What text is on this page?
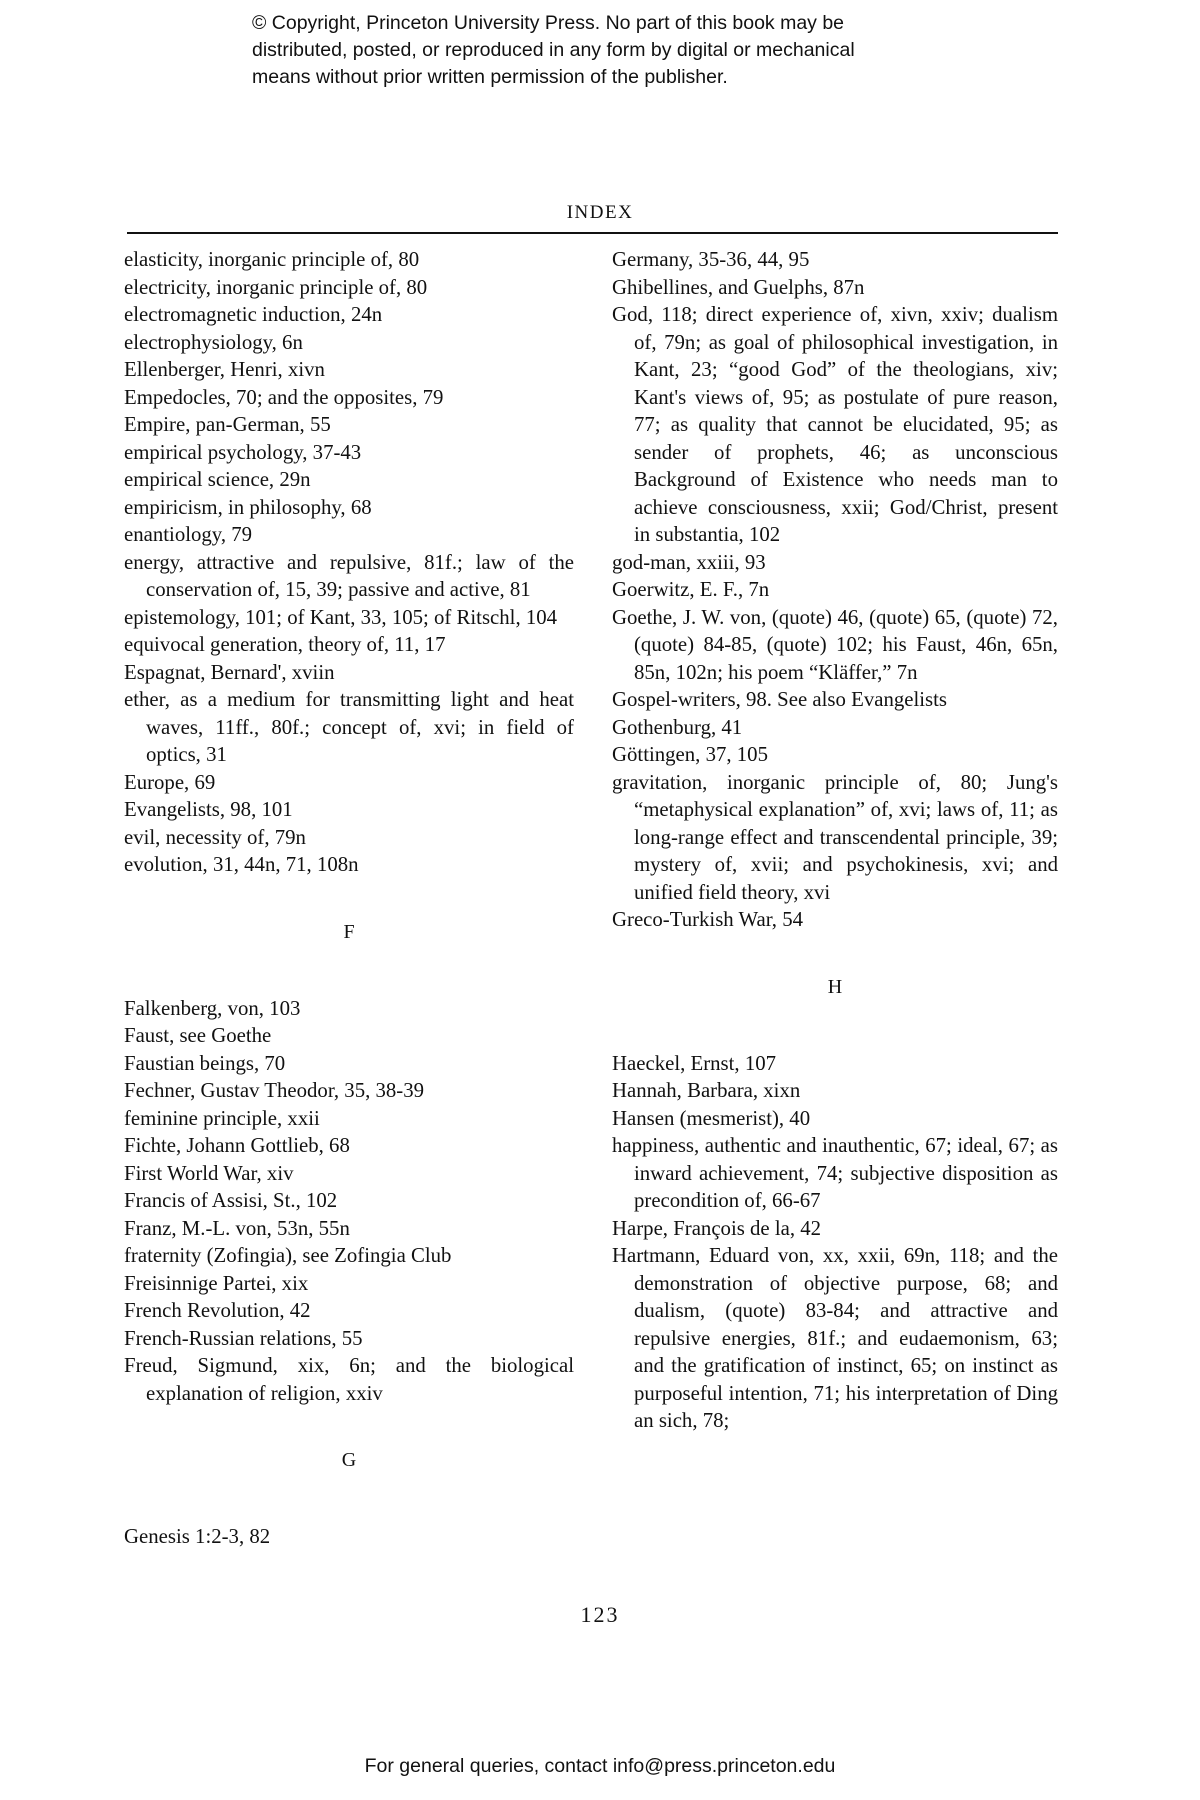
© Copyright, Princeton University Press. No part of this book may be
distributed, posted, or reproduced in any form by digital or mechanical
means without prior written permission of the publisher.
INDEX
elasticity, inorganic principle of, 80
electricity, inorganic principle of, 80
electromagnetic induction, 24n
electrophysiology, 6n
Ellenberger, Henri, xivn
Empedocles, 70; and the opposites, 79
Empire, pan-German, 55
empirical psychology, 37-43
empirical science, 29n
empiricism, in philosophy, 68
enantiology, 79
energy, attractive and repulsive, 81f.; law of the conservation of, 15, 39; passive and active, 81
epistemology, 101; of Kant, 33, 105; of Ritschl, 104
equivocal generation, theory of, 11, 17
Espagnat, Bernard', xviin
ether, as a medium for transmitting light and heat waves, 11ff., 80f.; concept of, xvi; in field of optics, 31
Europe, 69
Evangelists, 98, 101
evil, necessity of, 79n
evolution, 31, 44n, 71, 108n
F
Falkenberg, von, 103
Faust, see Goethe
Faustian beings, 70
Fechner, Gustav Theodor, 35, 38-39
feminine principle, xxii
Fichte, Johann Gottlieb, 68
First World War, xiv
Francis of Assisi, St., 102
Franz, M.-L. von, 53n, 55n
fraternity (Zofingia), see Zofingia Club
Freisinnige Partei, xix
French Revolution, 42
French-Russian relations, 55
Freud, Sigmund, xix, 6n; and the biological explanation of religion, xxiv
G
Genesis 1:2-3, 82
Germany, 35-36, 44, 95
Ghibellines, and Guelphs, 87n
God, 118; direct experience of, xivn, xxiv; dualism of, 79n; as goal of philosophical investigation, in Kant, 23; “good God” of the theologians, xiv; Kant's views of, 95; as postulate of pure reason, 77; as quality that cannot be elucidated, 95; as sender of prophets, 46; as unconscious Background of Existence who needs man to achieve consciousness, xxii; God/Christ, present in substantia, 102
god-man, xxiii, 93
Goerwitz, E. F., 7n
Goethe, J. W. von, (quote) 46, (quote) 65, (quote) 72, (quote) 84-85, (quote) 102; his Faust, 46n, 65n, 85n, 102n; his poem “Kläffer,” 7n
Gospel-writers, 98. See also Evangelists
Gothenburg, 41
Göttingen, 37, 105
gravitation, inorganic principle of, 80; Jung's “metaphysical explanation” of, xvi; laws of, 11; as long-range effect and transcendental principle, 39; mystery of, xvii; and psychokinesis, xvi; and unified field theory, xvi
Greco-Turkish War, 54
H
Haeckel, Ernst, 107
Hannah, Barbara, xixn
Hansen (mesmerist), 40
happiness, authentic and inauthentic, 67; ideal, 67; as inward achievement, 74; subjective disposition as precondition of, 66-67
Harpe, François de la, 42
Hartmann, Eduard von, xx, xxii, 69n, 118; and the demonstration of objective purpose, 68; and dualism, (quote) 83-84; and attractive and repulsive energies, 81f.; and eudaemonism, 63; and the gratification of instinct, 65; on instinct as purposeful intention, 71; his interpretation of Ding an sich, 78;
123
For general queries, contact info@press.princeton.edu
